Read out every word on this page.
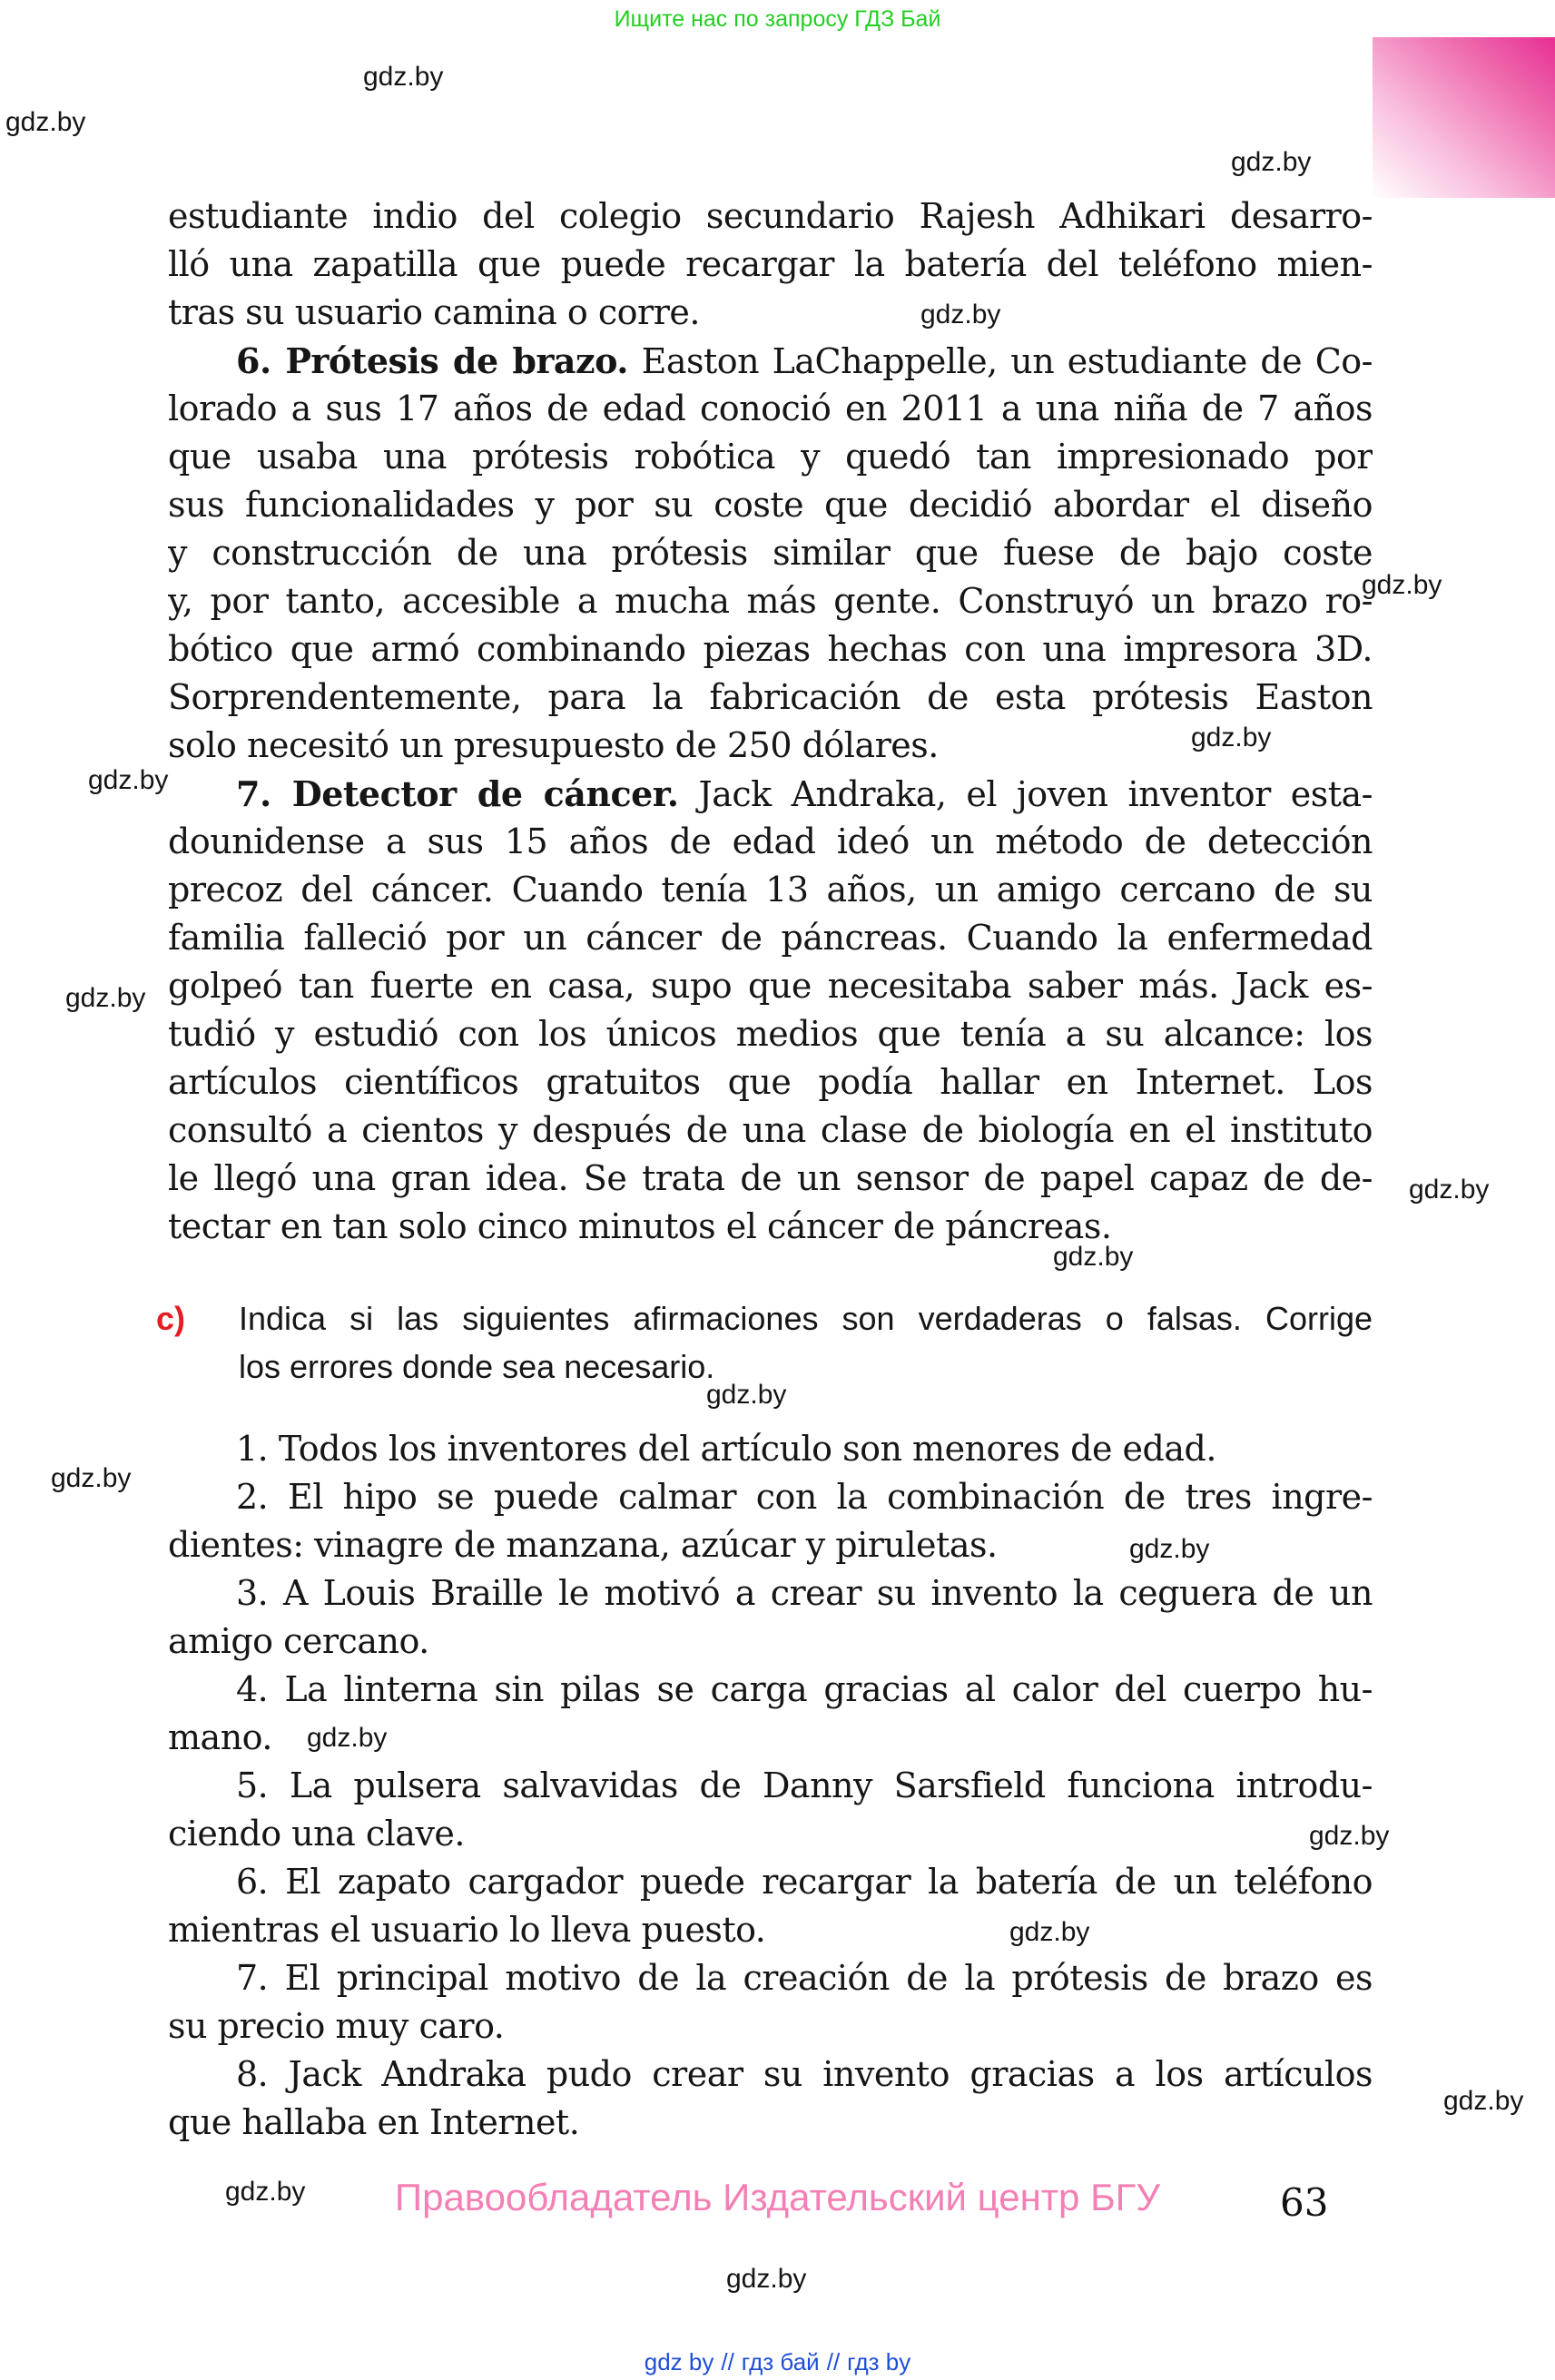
Ищите нас по запросу ГДЗ Бай
estudiante indio del colegio secundario Rajesh Adhikari desarro-
lló una zapatilla que puede recargar la batería del teléfono mien-
tras su usuario camina o corre.
6. Prótesis de brazo. Easton LaChappelle, un estudiante de Co-
lorado a sus 17 años de edad conoció en 2011 a una niña de 7 años
que usaba una prótesis robótica y quedó tan impresionado por
sus funcionalidades y por su coste que decidió abordar el diseño
y construcción de una prótesis similar que fuese de bajo coste
y, por tanto, accesible a mucha más gente. Construyó un brazo ro-
bótico que armó combinando piezas hechas con una impresora 3D.
Sorprendentemente, para la fabricación de esta prótesis Easton
solo necesitó un presupuesto de 250 dólares.
7. Detector de cáncer. Jack Andraka, el joven inventor esta-
dounidense a sus 15 años de edad ideó un método de detección
precoz del cáncer. Cuando tenía 13 años, un amigo cercano de su
familia falleció por un cáncer de páncreas. Cuando la enfermedad
golpeó tan fuerte en casa, supo que necesitaba saber más. Jack es-
tudió y estudió con los únicos medios que tenía a su alcance: los
artículos científicos gratuitos que podía hallar en Internet. Los
consultó a cientos y después de una clase de biología en el instituto
le llegó una gran idea. Se trata de un sensor de papel capaz de de-
tectar en tan solo cinco minutos el cáncer de páncreas.
c) Indica si las siguientes afirmaciones son verdaderas o falsas. Corrige
los errores donde sea necesario.
1. Todos los inventores del artículo son menores de edad.
2. El hipo se puede calmar con la combinación de tres ingre-
dientes: vinagre de manzana, azúcar y piruletas.
3. A Louis Braille le motivó a crear su invento la ceguera de un
amigo cercano.
4. La linterna sin pilas se carga gracias al calor del cuerpo hu-
mano.
5. La pulsera salvavidas de Danny Sarsfield funciona introdu-
ciendo una clave.
6. El zapato cargador puede recargar la batería de un teléfono
mientras el usuario lo lleva puesto.
7. El principal motivo de la creación de la prótesis de brazo es
su precio muy caro.
8. Jack Andraka pudo crear su invento gracias a los artículos
que hallaba en Internet.
gdz.by
gdz.by
gdz.by
gdz.by
gdz.by
gdz.by
gdz.by
gdz.by
gdz.by
gdz.by
gdz.by
gdz.by
gdz.by
gdz.by
gdz.by
gdz.by
gdz.by
gdz.by
gdz.by
Правообладатель Издательский центр БГУ	63
gdz by // гдз бай // гдз by
